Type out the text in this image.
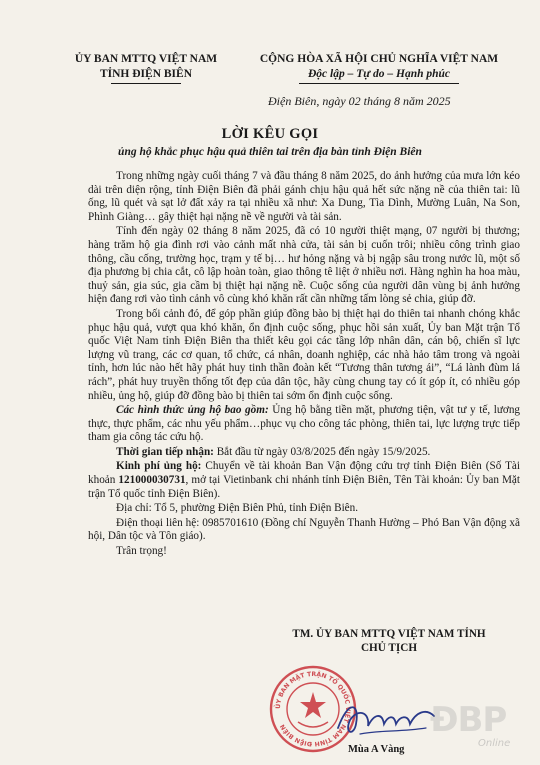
ỦY BAN MTTQ VIỆT NAM
TỈNH ĐIỆN BIÊN
CỘNG HÒA XÃ HỘI CHỦ NGHĨA VIỆT NAM
Độc lập – Tự do – Hạnh phúc
Điện Biên, ngày 02 tháng 8 năm 2025
LỜI KÊU GỌI
ủng hộ khắc phục hậu quả thiên tai trên địa bàn tỉnh Điện Biên

Trong những ngày cuối tháng 7 và đầu tháng 8 năm 2025, do ảnh hưởng của mưa lớn kéo dài trên diện rộng, tỉnh Điện Biên đã phải gánh chịu hậu quả hết sức nặng nề của thiên tai: lũ ống, lũ quét và sạt lở đất xảy ra tại nhiều xã như: Xa Dung, Tìa Dình, Mường Luân, Na Son, Phình Giàng… gây thiệt hại nặng nề về người và tài sản.

Tính đến ngày 02 tháng 8 năm 2025, đã có 10 người thiệt mạng, 07 người bị thương; hàng trăm hộ gia đình rơi vào cảnh mất nhà cửa, tài sản bị cuốn trôi; nhiều công trình giao thông, cầu cống, trường học, trạm y tế bị… hư hỏng nặng và bị ngập sâu trong nước lũ, một số địa phương bị chia cắt, cô lập hoàn toàn, giao thông tê liệt ở nhiều nơi. Hàng nghìn ha hoa màu, thuỷ sản, gia súc, gia cầm bị thiệt hại nặng nề. Cuộc sống của người dân vùng bị ảnh hưởng hiện đang rơi vào tình cảnh vô cùng khó khăn rất cần những tấm lòng sẻ chia, giúp đỡ.

Trong bối cảnh đó, để góp phần giúp đồng bào bị thiệt hại do thiên tai nhanh chóng khắc phục hậu quả, vượt qua khó khăn, ổn định cuộc sống, phục hồi sản xuất, Ủy ban Mặt trận Tổ quốc Việt Nam tỉnh Điện Biên tha thiết kêu gọi các tầng lớp nhân dân, cán bộ, chiến sĩ lực lượng vũ trang, các cơ quan, tổ chức, cá nhân, doanh nghiệp, các nhà hảo tâm trong và ngoài tỉnh, hơn lúc nào hết hãy phát huy tinh thần đoàn kết “Tương thân tương ái”, “Lá lành đùm lá rách”, phát huy truyền thống tốt đẹp của dân tộc, hãy cùng chung tay có ít góp ít, có nhiều góp nhiều, ủng hộ, giúp đỡ đồng bào bị thiên tai sớm ổn định cuộc sống.

Các hình thức ủng hộ bao gồm: Ủng hộ bằng tiền mặt, phương tiện, vật tư y tế, lương thực, thực phẩm, các nhu yếu phẩm…phục vụ cho công tác phòng, thiên tai, lực lượng trực tiếp tham gia công tác cứu hộ.

Thời gian tiếp nhận: Bắt đầu từ ngày 03/8/2025 đến ngày 15/9/2025.

Kinh phí ủng hộ: Chuyển về tài khoản Ban Vận động cứu trợ tỉnh Điện Biên (Số Tài khoản 121000030731, mở tại Vietinbank chi nhánh tỉnh Điện Biên, Tên Tài khoản: Ủy ban Mặt trận Tổ quốc tỉnh Điện Biên).

Địa chỉ: Tổ 5, phường Điện Biên Phủ, tỉnh Điện Biên.

Điện thoại liên hệ: 0985701610 (Đồng chí Nguyễn Thanh Hường – Phó Ban Vận động xã hội, Dân tộc và Tôn giáo).

Trân trọng!

TM. ỦY BAN MTTQ VIỆT NAM TỈNH
CHỦ TỊCH
ỦY BAN MẶT TRẬN TỔ QUỐC VIỆT NAM TỈNH ĐIỆN BIÊN
Mùa A Vàng
ĐBP
Online
